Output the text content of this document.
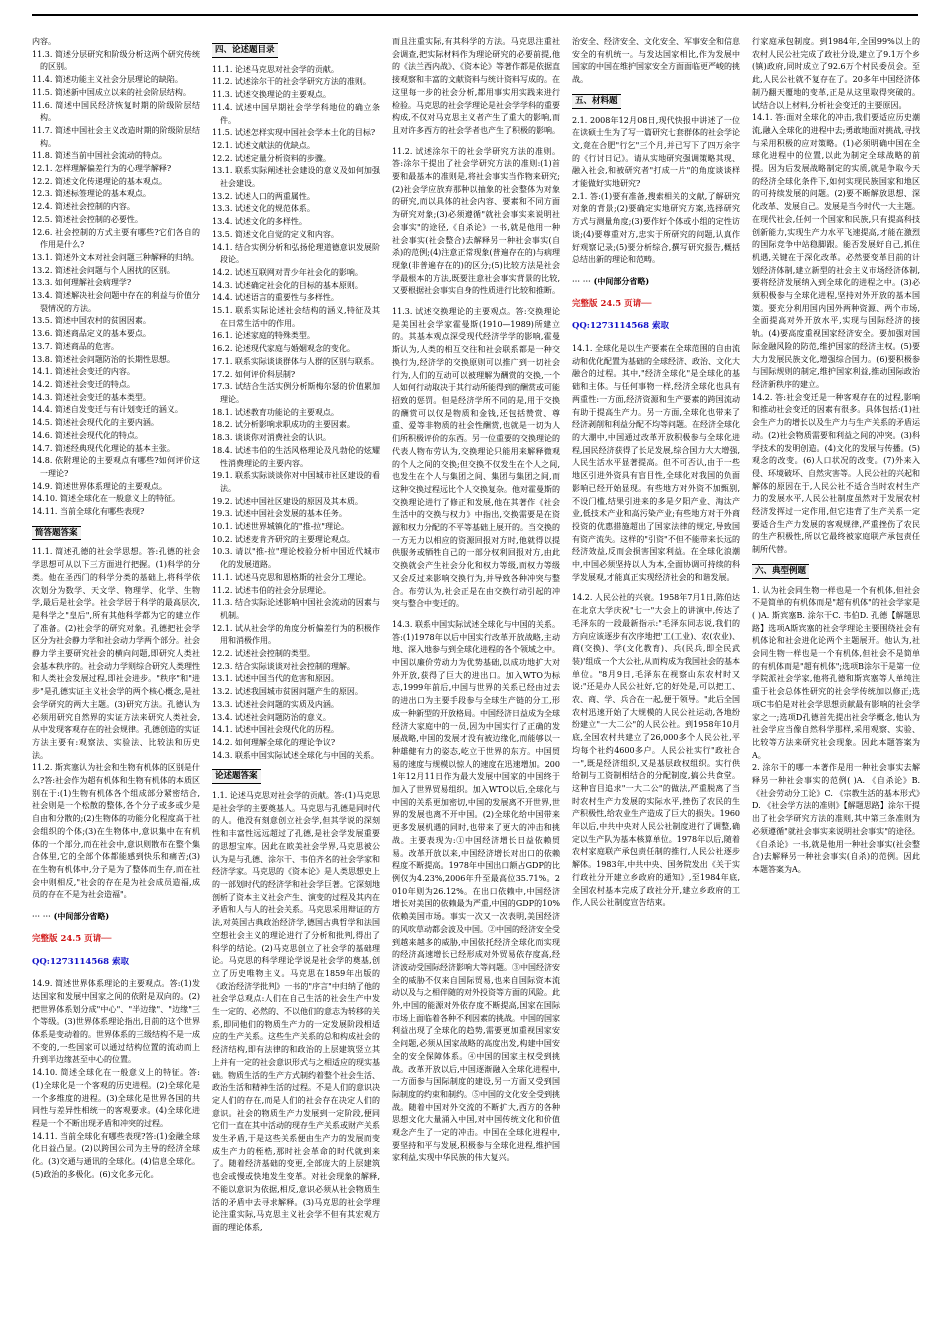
内容。

11.3. 简述分层研究和阶级分析这两个研究传统的区别。

11.4. 简述功能主义社会分层理论的缺陷。

11.5. 简述新中国成立以来的社会阶层结构。

11.6. 简述中国民经济恢复时期的阶级阶层结构。

11.7. 简述中国社会主义改造时期的阶级阶层结构。

11.8. 简述当前中国社会流动的特点。

12.1. 怎样理解偏差行为的心理学解释?

12.2. 简述文化传递理论的基本观点。

12.3. 简述标签理论的基本观点。

12.4. 简述社会控制的内容。

12.5. 简述社会控制的必要性。

12.6. 社会控制的方式主要有哪些?它们各自的作用是什么?

13.1. 简述外文本对社会问题三种解释的归纳。

13.2. 简述社会问题与个人困扰的区别。

13.3. 如何理解社会病理学?

13.4. 简述解决社会问题中存在的利益与价值分裂情况的方法。

13.5. 简述中国农村的贫困因素。

13.6. 简述商品定义的基本要点。

13.7. 简述商品的危害。

13.8. 简述社会问题防治的长期性思想。

14.1. 简述社会变迁的内容。

14.2. 简述社会变迁的特点。

14.3. 简述社会变迁的基本类型。

14.4. 简述自发变迁与有计划变迁的涵义。

14.5. 简述社会现代化的主要内涵。

14.6. 简述社会现代化的特点。

14.7. 简述经典现代化理论的基本主张。

14.8. 依附理论的主要观点有哪些?如何评价这一理论?

14.9. 简述世界体系理论的主要观点。

14.10. 简述全球化在一般意义上的特征。

14.11. 当前全球化有哪些表现?

简答题答案

11.1. 简述孔德的社会学思想。答:孔德的社会学思想可从以下三方面进行把握。(1)科学的分类。他在圣西门的科学分类的基础上,将科学依次划分为数学、天文学、物理学、化学、生物学,最后是社会学。社会学居于科学的最高层次,是科学之"皇后",所有其他科学都为它的建立作了准备。(2)社会学的研究对象。孔德把社会学区分为社会静力学和社会动力学两个部分。社会静力学主要研究社会的横向问题,即研究人类社会基本秩序的。社会动力学则综合研究人类理性和人类社会发展过程,即社会进步。"秩序"和"进步"是孔德实证主义社会学的两个核心概念,是社会学研究的两大主题。(3)研究方法。孔德认为必须用研究自然界的实证方法来研究人类社会,从中发现客观存在的社会规律。孔德创造的实证方法主要有:观察法、实验法、比较法和历史法。

11.2. 斯宾塞认为社会和生物有机体的区别是什么?答:社会作为超有机体和生物有机体的本质区别在于:(1)生物有机体各个组成部分紧密结合,社会则是一个松散的整体,各个分子或多或少是自由和分散的;(2)生物体的功能分化程度高于社会组织的个体;(3)在生物体中,意识集中在有机体的一个部分,而在社会中,意识则散布在整个集合体里,它的全部个体都能感到快乐和痛苦;(3)在生物有机体中,分子是为了整体而生存,而在社会中则相反,"社会的存在是为社会成员造福,成员的存在不是为社会造福"。

⋯ ⋯ (中间部分省略)

完整版 24.5 页请──

QQ:1273114568 索取

14.9. 简述世界体系理论的主要观点。答:(1)发达国家和发展中国家之间的依附是双向的。(2)把世界体系划分成"中心"、"半边缘"、"边缘"三个等级。(3)世界体系理论指出,目前的这个世界体系是变动着的。世界体系的三级结构不是一成不变的,一些国家可以通过结构位置的流动而上升到半边缘甚至中心的位置。

14.10. 简述全球化在一般意义上的特征。答:(1)全球化是一个客观的历史进程。(2)全球化是一个多维度的进程。(3)全球化是世界各国的共同性与差异性相统一的客观要求。(4)全球化进程是一个不断出现矛盾和冲突的过程。

14.11. 当前全球化有哪些表现?答:(1)金融全球化日益凸显。(2)以跨国公司为主导的经济全球化。(3)交通与通讯的全球化。(4)信息全球化。(5)政治的多极化。(6)文化多元化。

四、论述题目录

11.1. 论述马克思对社会学的贡献。

11.2. 试述涂尔干的社会学研究方法的准则。

11.3. 试述交换理论的主要观点。

11.4. 试述中国早期社会学学科地位的确立条件。

11.5. 试述怎样实现中国社会学本土化的目标?

12.1. 试述文献法的优缺点。

12.2. 试述定量分析资料的步骤。

13.1. 联系实际阐述社会建设的意义及如何加强社会建设。

13.2. 试述人口的两重属性。

13.3. 试述文化的规范体系。

13.4. 试述文化的多样性。

13.5. 简述文化自觉的定义和内容。

14.1. 结合实例分析和弘扬伦理道德意识发展阶段论。

14.2. 试述互联网对青少年社会化的影响。

14.3. 试述确定社会化的目标的基本原则。

14.4. 试述语言的重要性与多样性。

15.1. 联系实际论述社会结构的涵义,特征及其在日常生活中的作用。

16.1. 论述家庭的特殊类型。

16.2. 论述现代家庭与婚姻观念的变化。

17.1. 联系实际谈谈群体与人群的区别与联系。

17.2. 如何评价科层制?

17.3. 试结合生活实例分析斯梅尔瑟的价值累加理论。

18.1. 试述教育功能论的主要观点。

18.2. 试分析影响求职成功的主要因素。

18.3. 谈谈你对消费社会的认识。

18.4. 试述韦伯的生活风格理论及凡勃伦的炫耀性消费理论的主要内容。

19.1. 联系实际谈谈你对中国城市社区建设的看法。

19.2. 试述中国社区建设的原因及其本质。

19.3. 试述中国社会发展的基本任务。

10.1. 试述世界城镇化的"推-拉"理论。

10.2. 试述麦肯齐研究的主要理论观点。

10.3. 请以"推-拉"理论校验分析中国近代城市化的发展道路。

11.1. 试述马克思和恩格斯的社会分工理论。

11.2. 试述韦伯的社会分层理论。

11.3. 结合实际论述影响中国社会流动的因素与机制。

12.1. 试从社会学的角度分析偏差行为的积极作用和消极作用。

12.2. 试述社会控制的类型。

12.3. 结合实际谈谈对社会控制的理解。

13.1. 试述中国当代的危害和原因。

13.2. 试述我国城市贫困问题产生的原因。

13.3. 试述社会问题的实质及内涵。

13.4. 试述社会问题防治的意义。

14.1. 试述中国社会现代化的历程。

14.2. 如何理解全球化的理论争议?

14.3. 联系中国实际试述全球化与中国的关系。

论述题答案

1.1. 论述马克思对社会学的贡献。答:(1)马克思是社会学的主要奠基人。马克思与孔德是同时代的人。他没有刻意创立社会学,但其学说的深刻性和丰富性远远超过了孔德,是社会学发展重要的思想宝库。因此在欧美社会学界,马克思被公认为是与孔德、涂尔干、韦伯齐名的社会学家和经济学家。马克思的《资本论》是人类思想史上的一部划时代的经济学和社会学巨著。它深刻地剖析了资本主义社会产生、演变的过程及其内在矛盾和人与人的社会关系。马克思采用辩证的方法,对英国古典政治经济学,德国古典哲学和法国空想社会主义的理论进行了分析和批判,得出了科学的结论。(2)马克思创立了社会学的基础理论。马克思的科学理论学说是社会学的奠基,创立了历史唯物主义。马克思在1859年出版的《政治经济学批判》一书的"序言"中归纳了他的社会学总观点:人们在自己生活的社会生产中发生一定的、必然的、不以他们的意志为转移的关系,即同他们的物质生产力的一定发展阶段相适应的生产关系。这些生产关系的总和构成社会的经济结构,即有法律的和政治的上层建筑竖立其上并有一定的社会意识形式与之相适应的现实基础。物质生活的生产方式制约着整个社会生活、政治生活和精神生活的过程。不是人们的意识决定人们的存在,而是人们的社会存在决定人们的意识。社会的物质生产力发展到一定阶段,便同它们一直在其中活动的现存生产关系或财产关系发生矛盾,于是这些关系便由生产力的发展而变成生产力的桎梏,那时社会革命的时代就到来了。随着经济基础的变更,全部庞大的上层建筑也会或慢或快地发生变革。对社会现象的解释,不能以意识为依据,相反,意识必须从社会物质生活的矛盾中去寻求解释。(3)马克思的社会学理论注重实际,马克思主义社会学不但有其宏观方面的理论体系,

而且注重实际,有其科学的方法。马克思注重社会调查,把实际材料作为理论研究的必要前提,他的《法兰西内战》、《资本论》等著作都是依据直接观察和丰富的文献资料与统计资料写成的。在这里每一步的社会分析,都用事实用实践来进行检验。马克思的社会学理论是社会学学科的重要构成,不仅对马克思主义者产生了重大的影响,而且对许多西方的社会学者也产生了积极的影响。

11.2. 试述涂尔干的社会学研究方法的准则。答:涂尔干提出了社会学研究方法的准则:(1)首要和最基本的准则是,将社会事实当作物来研究;(2)社会学应放弃那种以抽象的社会整体为对象的研究,而以具体的社会内容、要素和不同方面为研究对象;(3)必须遵循"就社会事实来说明社会事实"的途径,《自杀论》一书,就是他用一种社会事实(社会整合)去解释另一种社会事实(自杀)的范例;(4)注意正常现象(普遍存在的)与病理现象(非普遍存在的)的区分;(5)比较方法是社会学最根本的方法,既要注意社会事实背景的比较,又要根据社会事实自身的性质进行比较和推断。

11.3. 试述交换理论的主要观点。答:交换理论是美国社会学家霍曼斯(1910—1989)所建立的。其基本观点深受现代经济学学的影响,霍曼斯认为,人类的相互交往和社会联系都是一种交换行为,经济学的交换原则可以推广到一切社会行为,人们的互动可以被理解为酬赏的交换,一个人如何行动取决于其行动所能得到的酬赏或可能招致的惩罚。但是经济学所不同的是,用于交换的酬赏可以仅是物质和金钱,还包括赞赏、尊重、爱等非物质的社会性酬赏,也就是一切为人们所积极评价的东西。另一位重要的交换理论的代表人物布劳认为,交换理论只能用来解释微观的个人之间的交换;但交换不仅发生在个人之间,也发生在个人与集团之间、集团与集团之间,而这种交换过程远比个人交换复杂。他对霍曼斯的交换理论进行了修正和发展,他在其著作《社会生活中的交换与权力》中指出,交换需要是在资源和权力分配的不平等基础上展开的。当交换的一方无力以相应的资源回报对方时,他就得以提供服务或牺牲自己的一部分权利回报对方,由此交换就会产生社会分化和权力等级,而权力等级又会反过来影响交换行为,并导致各种冲突与整合。布劳认为,社会正是在由交换行动引起的冲突与整合中变迁的。

14.3. 联系中国实际试述全球化与中国的关系。答:(1)1978年以后中国实行改革开放战略,主动地、深入地参与到全球化进程的各个领域之中。中国以廉价劳动力为优势基础,以成功地扩大对外开放,获得了巨大的进出口。加入WTO为标志,1999年前后,中国与世界的关系已经由过去的进出口为主要手段参与全球生产链的分工,形成一种新型的开放格局。中国经济日益成为全球经济大家庭中的一员,因为中国实行了正确的发展战略,中国的发展才没有被边缘化,而能够以一种雄健有力的姿态,屹立于世界的东方。中国贸易的速度与规模以惊人的速度在迅速增加。2001年12月11日作为最大发展中国家的中国终于加入了世界贸易组织。加入WTO以后,全球化与中国的关系更加密切,中国的发展离不开世界,世界的发展也离不开中国。(2)全球化给中国带来更多发展机遇的同时,也带来了更大的冲击和挑战。主要表现为:①中国经济增长日益依赖贸易。改革开放以来,中国经济增长对出口的依赖程度不断提高。1978年中国出口额占GDP的比例仅为4.23%,2006年升至最高位35.71%。2010年则为26.12%。在出口依赖中,中国经济增长对美国的依赖最为严重,中国的GDP的10%依赖美国市场。事实一次又一次表明,美国经济的风吹草动都会波及中国。②中国的经济安全受到越来越多的威胁,中国依托经济全球化而实现的经济高速增长已经形成对外贸易依存度高,经济波动受国际经济影响大等问题。③中国经济安全的威胁不仅来自国际贸易,也来自国际资本流动以及与之相伴随的对外投资等方面的风险。此外,中国的能源对外依存度不断提高,国家在国际市场上面临着各种不利因素的挑战。中国的国家利益出现了全球化的趋势,需要更加重视国家安全问题,必须从国家战略的高度出发,构建中国安全的安全保障体系。④中国的国家主权受到挑战。改革开放以后,中国逐渐融入全球化进程中,一方面参与国际制度的建设,另一方面又受到国际制度的约束和制约。⑤中国的文化安全受到挑战。随着中国对外交流的不断扩大,西方的各种思想文化大量涌入中国,对中国传统文化和价值观念产生了一定的冲击。中国在全球化进程中,要坚持和平与发展,积极参与全球化进程,维护国家利益,实现中华民族的伟大复兴。

治安全、经济安全、文化安全、军事安全和信息安全的有机统一。与发达国家相比,作为发展中国家的中国在维护国家安全方面面临更严峻的挑战。

五、材料题

2.1. 2008年12月08日,现代快报中讲述了一位在读硕士生为了写一篇研究七套群体的社会学论文,竟在合肥"行乞"三个月,并已写下了四万余字的《行讨日记》。请从实地研究强调策略其现、融入社会,和被研究者"打成一片"的角度谈谈样才能做好实地研究?

2.1. 答:(1)要有准备,搜索相关的文献,了解研究对象的背景;(2)要确定实地研究方案,选择研究方式与测量角度;(3)要作好个体或小组的定性访谈;(4)要尊重对方,忠实于所研究的问题,认真作好观察记录;(5)要分析综合,撰写研究报告,概括总结出新的理论和范畴。

⋯ ⋯ (中间部分省略)

完整版 24.5 页请──

QQ:1273114568 索取

14.1. 全球化是以生产要素在全球范围的自由流动和优化配置为基础的全球经济、政治、文化大融合的过程。其中,"经济全球化"是全球化的基础和主体。与任何事物一样,经济全球化也具有两重性:一方面,经济资源和生产要素的跨国流动有助于提高生产力。另一方面,全球化也带来了经济剥削和利益分配不均等问题。在经济全球化的大潮中,中国通过改革开放积极参与全球化进程,国民经济获得了长足发展,综合国力大大增强,人民生活水平显著提高。但不可否认,由于一些地区引进外资具有盲目性,全球化对我国的负面影响已经开始显现。有些地方对外资不加甄别,不设门槛,结果引进来的多是夕阳产业、淘汰产业,低技术产业和高污染产业;有些地方对于外商投资的优惠措施超出了国家法律的规定,导致国有资产流失。这样的"引资"不但不能带来长远的经济效益,反而会损害国家利益。在全球化浪潮中,中国必须坚持以人为本,全面协调可持续的科学发展观,才能真正实现经济社会的和谐发展。

14.2. 人民公社的兴衰。1958年7月1日,陈伯达在北京大学庆祝"七一"大会上的讲演中,传达了毛泽东的一段最新指示:"毛泽东同志说,我们的方向应该逐步有次序地把'工(工业)、农(农业)、商(交换)、学(文化教育)、兵(民兵,即全民武装)'组成一个大公社,从而构成为我国社会的基本单位。"8月9日,毛泽东在视察山东农村时又说:"还是办人民公社好,它的好处是,可以把工、农、商、学、兵合在一起,便于领导。"此后全国农村迅速开始了大规模的人民公社运动,各地纷纷建立"一大二公"的人民公社。到1958年10月底,全国农村共建立了26,000多个人民公社,平均每个社约4600多户。人民公社实行"政社合一",既是经济组织,又是基层政权组织。实行供给制与工资制相结合的分配制度,搞公共食堂。这种盲目追求"一大二公"的做法,严重脱离了当时农村生产力发展的实际水平,挫伤了农民的生产积极性,给农业生产造成了巨大的损失。1960年以后,中共中央对人民公社制度进行了调整,确定以生产队为基本核算单位。1978年以后,随着农村家庭联产承包责任制的推行,人民公社逐步解体。1983年,中共中央、国务院发出《关于实行政社分开建立乡政府的通知》,至1984年底,全国农村基本完成了政社分开,建立乡政府的工作,人民公社制度宣告结束。

行家庭承包制度。到1984年,全国99%以上的农村人民公社完成了政社分设,建立了9.1万个乡(镇)政府,同时成立了92.6万个村民委员会。至此,人民公社就不复存在了。20多年中国经济体制乃翻天覆地的变革,正是从这里取得突破的。试结合以上材料,分析社会变迁的主要原因。

14.1. 答:面对全球化的冲击,我们要适应历史潮流,融入全球化的进程中去;勇敢地面对挑战,寻找与采用积极的应对策略。(1)必须明确中国在全球化进程中的位置,以此为制定全球战略的前提。因为后发展战略制定的实质,就是争取今天的经济全球化条件下,如何实现民族国家和地区的可持续发展的问题。(2)要不断解放思想、深化改革、发展自己。发展是当今时代一大主题。在现代社会,任何一个国家和民族,只有提高科技创新能力,实现生产力水平飞速提高,才能在激烈的国际竞争中站稳脚跟。能否发展好自己,抓住机遇,关键在于深化改革。必然要变革目前的计划经济体制,建立新型的社会主义市场经济体制,要将经济发展纳入到全球化的进程之中。(3)必须积极参与全球化进程,坚持对外开放的基本国策。要充分利用国内国外两种资源、两个市场,全面提高对外开放水平,实现与国际经济的接轨。(4)要高度重视国家经济安全。要加强对国际金融风险的防范,维护国家的经济主权。(5)要大力发展民族文化,增强综合国力。(6)要积极参与国际规则的制定,维护国家利益,推动国际政治经济新秩序的建立。

14.2. 答:社会变迁是一种客观存在的过程,影响和推动社会变迁的因素有很多。具体包括:(1)社会生产力的增长以及生产力与生产关系的矛盾运动。(2)社会物质需要和利益之间的冲突。(3)科学技术的发明创造。(4)文化的发展与传播。(5)观念的改变。(6)人口状况的改变。(7)外来入侵、环境破坏、自然灾害等。人民公社的兴起和解体的原因在于,人民公社不适合当时农村生产力的发展水平,人民公社制度虽然对于发展农村经济发挥过一定作用,但它违背了生产关系一定要适合生产力发展的客观规律,严重挫伤了农民的生产积极性,所以它最终被家庭联产承包责任制所代替。

六、典型例题

1. 认为社会同生物一样也是一个有机体,但社会不是简单的有机体而是"超有机体"的社会学家是( )A. 斯宾塞B. 涂尔干C. 韦伯D. 孔德【解题思路】选项A斯宾塞的社会学理论主要围绕社会有机体论和社会进化论两个主题展开。他认为,社会同生物一样也是一个有机体,但社会不是简单的有机体而是"超有机体";选项B涂尔干是第一位学院派社会学家,他将孔德和斯宾塞等人单纯注重于社会总体性研究的社会学传统加以修正;选项C韦伯是对社会学思想贡献最有影响的社会学家之一;选项D孔德首先提出社会学概念,他认为社会学应当像自然科学那样,采用观察、实验、比较等方法来研究社会现象。因此本题答案为A。

2. 涂尔干的哪一本著作是用一种社会事实去解释另一种社会事实的范例( )A. 《自杀论》B. 《社会劳动分工论》C. 《宗教生活的基本形式》D. 《社会学方法的准则》【解题思路】涂尔干提出了社会学研究方法的准则,其中第三条准则为必须遵循"就社会事实来说明社会事实"的途径。《自杀论》一书,就是他用一种社会事实(社会整合)去解释另一种社会事实(自杀)的范例。因此本题答案为A。
